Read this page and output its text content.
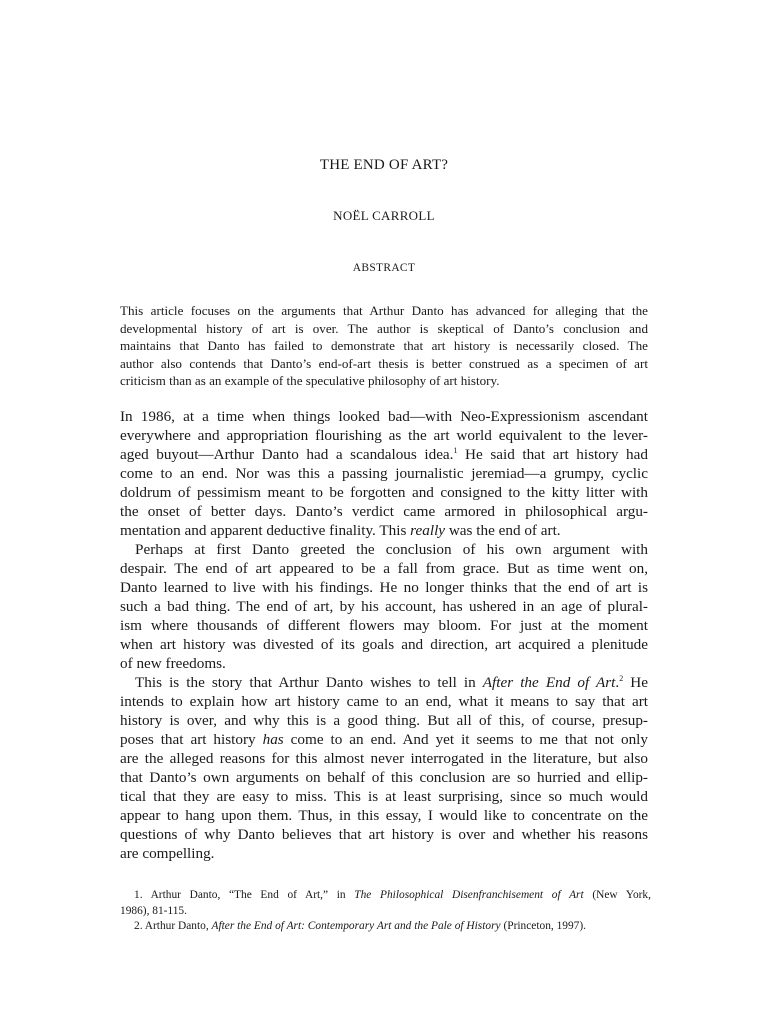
THE END OF ART?
NOËL CARROLL
ABSTRACT
This article focuses on the arguments that Arthur Danto has advanced for alleging that the
developmental history of art is over. The author is skeptical of Danto’s conclusion and
maintains that Danto has failed to demonstrate that art history is necessarily closed. The
author also contends that Danto’s end-of-art thesis is better construed as a specimen of art
criticism than as an example of the speculative philosophy of art history.
In 1986, at a time when things looked bad—with Neo-Expressionism ascendant
everywhere and appropriation flourishing as the art world equivalent to the lever-
aged buyout—Arthur Danto had a scandalous idea.$^1$ He said that art history had
come to an end. Nor was this a passing journalistic jeremiad—a grumpy, cyclic
doldrum of pessimism meant to be forgotten and consigned to the kitty litter with
the onset of better days. Danto’s verdict came armored in philosophical argu-
mentation and apparent deductive finality. This really was the end of art.
Perhaps at first Danto greeted the conclusion of his own argument with
despair. The end of art appeared to be a fall from grace. But as time went on,
Danto learned to live with his findings. He no longer thinks that the end of art is
such a bad thing. The end of art, by his account, has ushered in an age of plural-
ism where thousands of different flowers may bloom. For just at the moment
when art history was divested of its goals and direction, art acquired a plenitude
of new freedoms.
This is the story that Arthur Danto wishes to tell in After the End of Art.$^2$ He
intends to explain how art history came to an end, what it means to say that art
history is over, and why this is a good thing. But all of this, of course, presup-
poses that art history has come to an end. And yet it seems to me that not only
are the alleged reasons for this almost never interrogated in the literature, but also
that Danto’s own arguments on behalf of this conclusion are so hurried and ellip-
tical that they are easy to miss. This is at least surprising, since so much would
appear to hang upon them. Thus, in this essay, I would like to concentrate on the
questions of why Danto believes that art history is over and whether his reasons
are compelling.
1. Arthur Danto, “The End of Art,” in The Philosophical Disenfranchisement of Art (New York,
1986), 81-115.
2. Arthur Danto, After the End of Art: Contemporary Art and the Pale of History (Princeton, 1997).
